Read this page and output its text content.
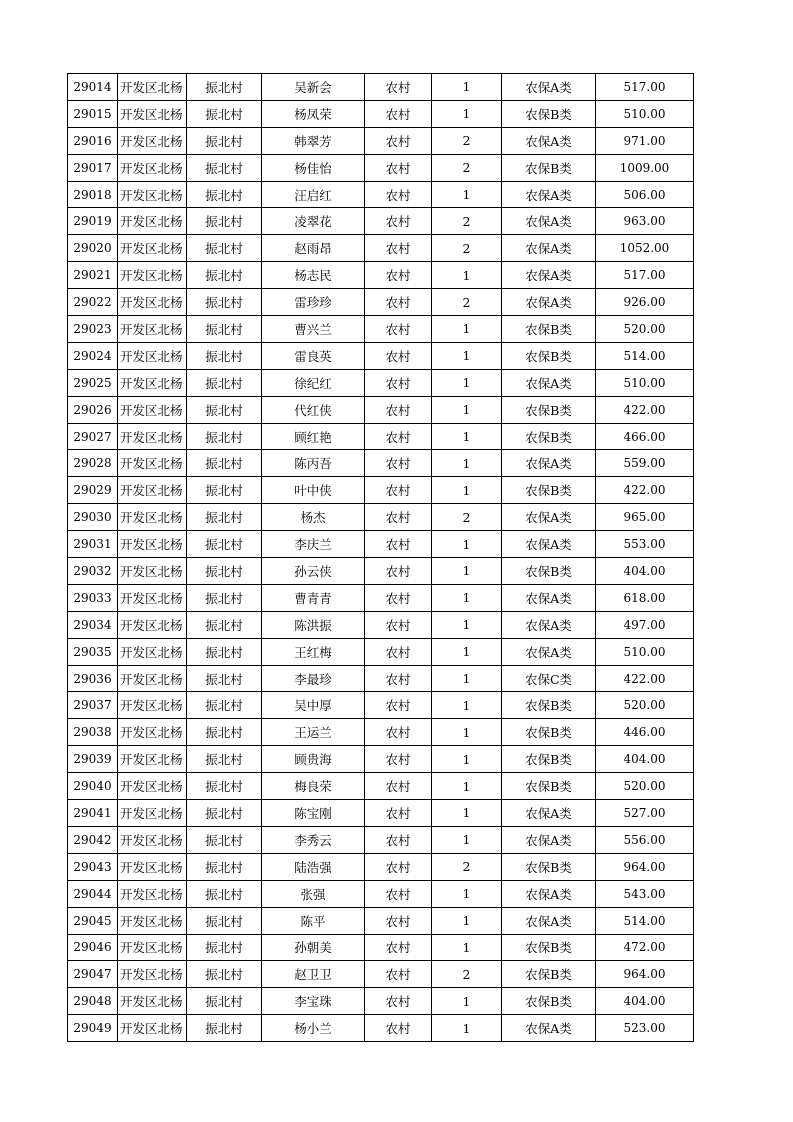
29014	开发区北杨	振北村	吴新会	农村	1	农保A类	517.00
29015	开发区北杨	振北村	杨凤荣	农村	1	农保B类	510.00
29016	开发区北杨	振北村	韩翠芳	农村	2	农保A类	971.00
29017	开发区北杨	振北村	杨佳怡	农村	2	农保B类	1009.00
29018	开发区北杨	振北村	汪启红	农村	1	农保A类	506.00
29019	开发区北杨	振北村	凌翠花	农村	2	农保A类	963.00
29020	开发区北杨	振北村	赵雨昂	农村	2	农保A类	1052.00
29021	开发区北杨	振北村	杨志民	农村	1	农保A类	517.00
29022	开发区北杨	振北村	雷珍珍	农村	2	农保A类	926.00
29023	开发区北杨	振北村	曹兴兰	农村	1	农保B类	520.00
29024	开发区北杨	振北村	雷良英	农村	1	农保B类	514.00
29025	开发区北杨	振北村	徐纪红	农村	1	农保A类	510.00
29026	开发区北杨	振北村	代红侠	农村	1	农保B类	422.00
29027	开发区北杨	振北村	顾红艳	农村	1	农保B类	466.00
29028	开发区北杨	振北村	陈丙吾	农村	1	农保A类	559.00
29029	开发区北杨	振北村	叶中侠	农村	1	农保B类	422.00
29030	开发区北杨	振北村	杨杰	农村	2	农保A类	965.00
29031	开发区北杨	振北村	李庆兰	农村	1	农保A类	553.00
29032	开发区北杨	振北村	孙云侠	农村	1	农保B类	404.00
29033	开发区北杨	振北村	曹青青	农村	1	农保A类	618.00
29034	开发区北杨	振北村	陈洪振	农村	1	农保A类	497.00
29035	开发区北杨	振北村	王红梅	农村	1	农保A类	510.00
29036	开发区北杨	振北村	李最珍	农村	1	农保C类	422.00
29037	开发区北杨	振北村	吴中厚	农村	1	农保B类	520.00
29038	开发区北杨	振北村	王运兰	农村	1	农保B类	446.00
29039	开发区北杨	振北村	顾贵海	农村	1	农保B类	404.00
29040	开发区北杨	振北村	梅良荣	农村	1	农保B类	520.00
29041	开发区北杨	振北村	陈宝刚	农村	1	农保A类	527.00
29042	开发区北杨	振北村	李秀云	农村	1	农保A类	556.00
29043	开发区北杨	振北村	陆浩强	农村	2	农保B类	964.00
29044	开发区北杨	振北村	张强	农村	1	农保A类	543.00
29045	开发区北杨	振北村	陈平	农村	1	农保A类	514.00
29046	开发区北杨	振北村	孙朝美	农村	1	农保B类	472.00
29047	开发区北杨	振北村	赵卫卫	农村	2	农保B类	964.00
29048	开发区北杨	振北村	李宝珠	农村	1	农保B类	404.00
29049	开发区北杨	振北村	杨小兰	农村	1	农保A类	523.00
